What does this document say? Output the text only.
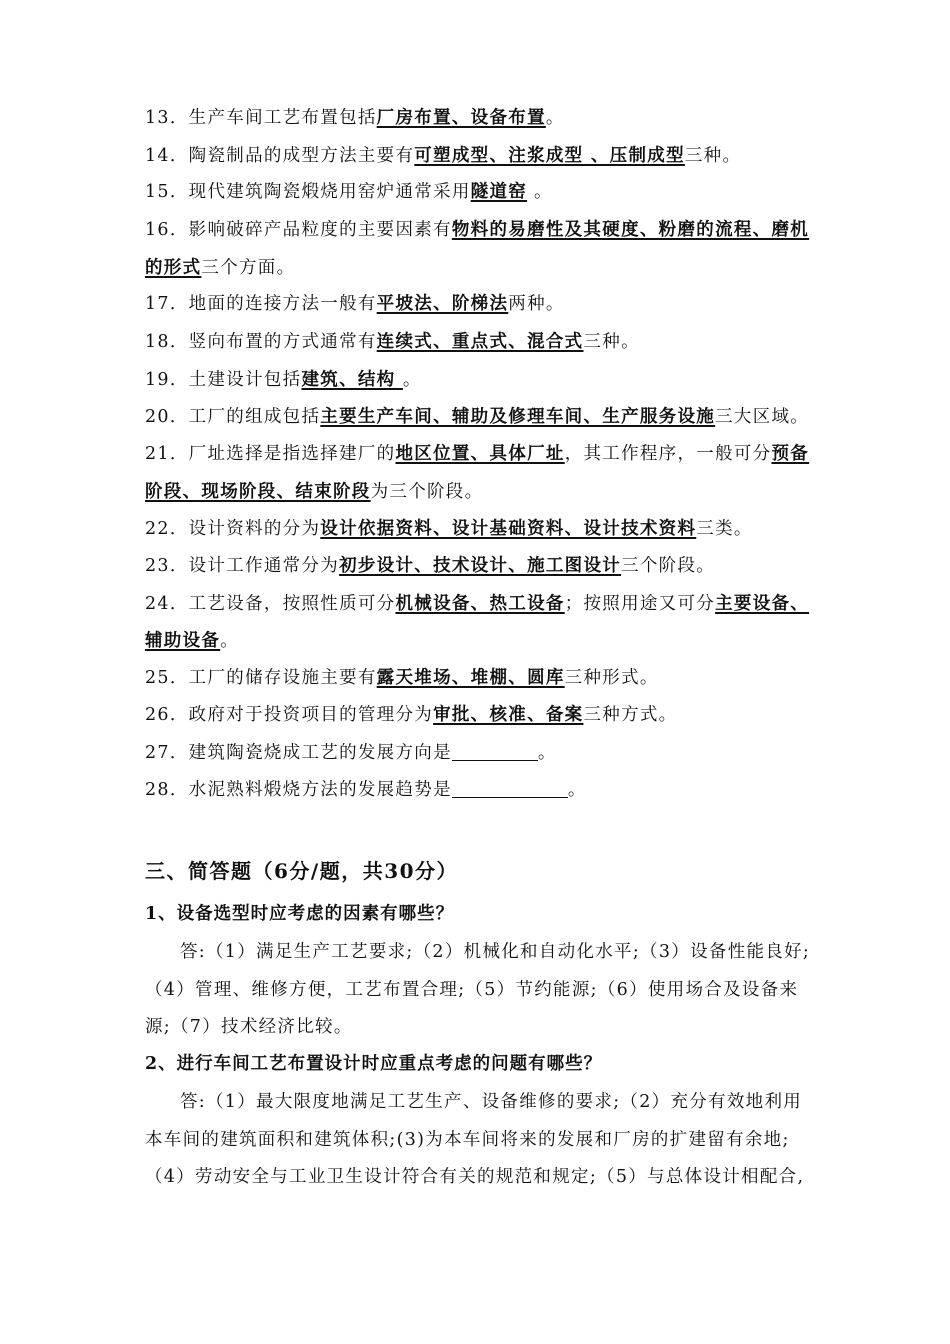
13．生产车间工艺布置包括厂房布置、设备布置。
14．陶瓷制品的成型方法主要有可塑成型、注浆成型 、压制成型三种。
15．现代建筑陶瓷煅烧用窑炉通常采用隧道窑 。
16．影响破碎产品粒度的主要因素有物料的易磨性及其硬度、粉磨的流程、磨机
的形式三个方面。
17．地面的连接方法一般有平坡法、阶梯法两种。
18．竖向布置的方式通常有连续式、重点式、混合式三种。
19．土建设计包括建筑、结构 。
20．工厂的组成包括主要生产车间、辅助及修理车间、生产服务设施三大区域。
21．厂址选择是指选择建厂的地区位置、具体厂址，其工作程序，一般可分预备
阶段、现场阶段、结束阶段为三个阶段。
22．设计资料的分为设计依据资料、设计基础资料、设计技术资料三类。
23．设计工作通常分为初步设计、技术设计、施工图设计三个阶段。
24．工艺设备，按照性质可分机械设备、热工设备；按照用途又可分主要设备、
辅助设备。
25．工厂的储存设施主要有露天堆场、堆棚、圆库三种形式。
26．政府对于投资项目的管理分为审批、核准、备案三种方式。
27．建筑陶瓷烧成工艺的发展方向是	。
28．水泥熟料煅烧方法的发展趋势是	。
三、简答题（6分/题，共30分）
1、设备选型时应考虑的因素有哪些？
答:（1）满足生产工艺要求;（2）机械化和自动化水平;（3）设备性能良好;
（4）管理、维修方便，工艺布置合理;（5）节约能源;（6）使用场合及设备来
源;（7）技术经济比较。
2、进行车间工艺布置设计时应重点考虑的问题有哪些？
答:（1）最大限度地满足工艺生产、设备维修的要求;（2）充分有效地利用
本车间的建筑面积和建筑体积;(3)为本车间将来的发展和厂房的扩建留有余地;
（4）劳动安全与工业卫生设计符合有关的规范和规定;（5）与总体设计相配合,
